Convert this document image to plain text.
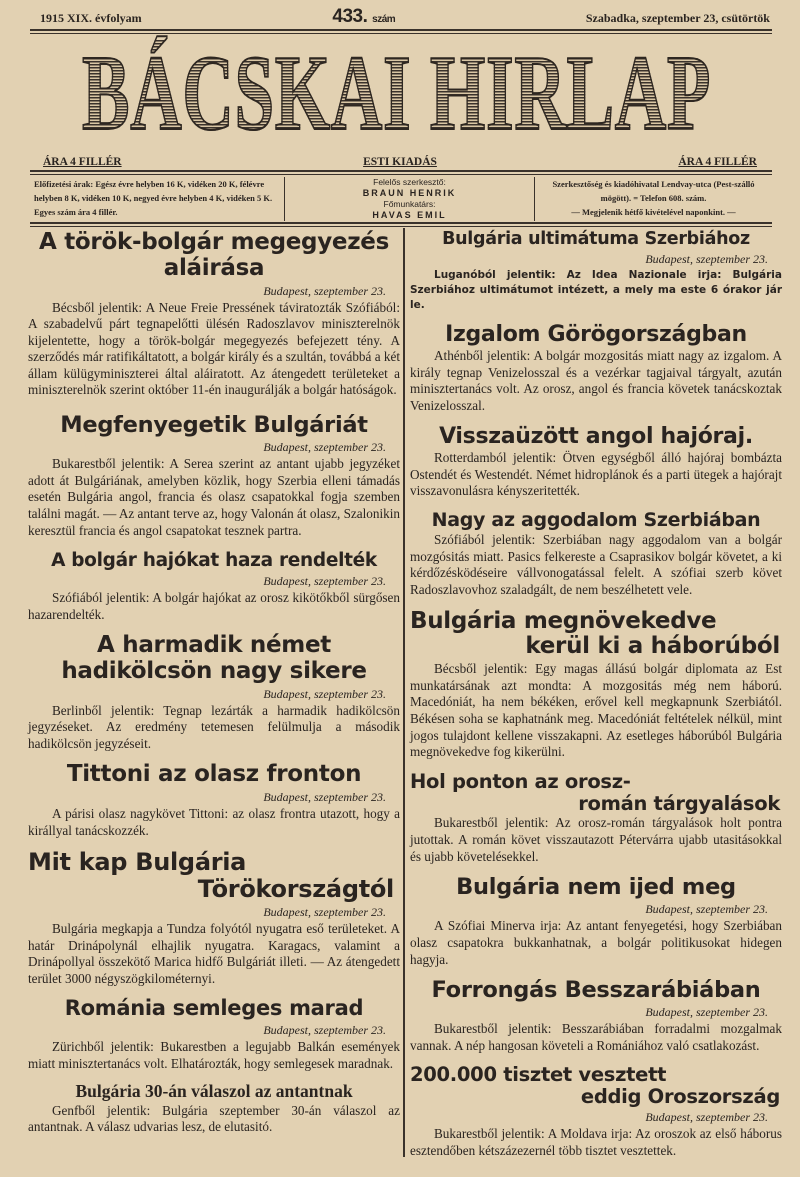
1915 XIX. évfolyam	433. szám	Szabadka, szeptember 23, csütörtök
BÁCSKAI HIRLAP
ÁRA 4 FILLÉR	ESTI KIADÁS	ÁRA 4 FILLÉR
Előfizetési árak: Egész évre helyben 16 K, vidéken 20 K, félévre helyben 8 K, vidéken 10 K, negyed évre helyben 4 K, vidéken 5 K. Egyes szám ára 4 fillér.
Felelős szerkesztő:
BRAUN HENRIK
Főmunkatárs:
HAVAS EMIL
Szerkesztőség és kiadóhivatal Lendvay-utca (Pest-szálló mögött). = Telefon 608. szám.
— Megjelenik hétfő kivételével naponkint. —
A török-bolgár megegyezés
aláirása
Budapest, szeptember 23.
Bécsből jelentik: A Neue Freie Pressének táviratozták Szófiából: A szabadelvű párt tegnapelőtti ülésén Radoszlavov miniszterelnök kijelentette, hogy a török-bolgár megegyezés befejezett tény. A szerződés már ratifikáltatott, a bolgár király és a szultán, továbbá a két állam külügyminiszterei által aláiratott. Az átengedett területeket a miniszterelnök szerint október 11-én inaugurálják a bolgár hatóságok.
Megfenyegetik Bulgáriát
Budapest, szeptember 23.
Bukarestből jelentik: A Serea szerint az antant ujabb jegyzéket adott át Bulgáriának, amelyben közlik, hogy Szerbia elleni támadás esetén Bulgária angol, francia és olasz csapatokkal fogja szemben találni magát. — Az antant terve az, hogy Valonán át olasz, Szalonikin keresztül francia és angol csapatokat tesznek partra.
A bolgár hajókat haza rendelték
Budapest, szeptember 23.
Szófiából jelentik: A bolgár hajókat az orosz kikötőkből sürgősen hazarendelték.
A harmadik német
hadikölcsön nagy sikere
Budapest, szeptember 23.
Berlinből jelentik: Tegnap lezárták a harmadik hadikölcsön jegyzéseket. Az eredmény tetemesen felülmulja a második hadikölcsön jegyzéseit.
Tittoni az olasz fronton
Budapest, szeptember 23.
A párisi olasz nagykövet Tittoni: az olasz frontra utazott, hogy a királlyal tanácskozzék.
Mit kap Bulgária
Törökországtól
Budapest, szeptember 23.
Bulgária megkapja a Tundza folyótól nyugatra eső területeket. A határ Drinápolynál elhajlik nyugatra. Karagacs, valamint a Drinápollyal összekötő Marica hidfő Bulgáriát illeti. — Az átengedett terület 3000 négyszögkilométernyi.
Románia semleges marad
Budapest, szeptember 23.
Zürichből jelentik: Bukarestben a legujabb Balkán események miatt minisztertanács volt. Elhatározták, hogy semlegesek maradnak.
Bulgária 30-án válaszol az antantnak
Genfből jelentik: Bulgária szeptember 30-án válaszol az antantnak. A válasz udvarias lesz, de elutasitó.
Bulgária ultimátuma Szerbiához
Budapest, szeptember 23.
Luganóból jelentik: Az Idea Nazionale irja: Bulgária Szerbiához ultimátumot intézett, a mely ma este 6 órakor jár le.
Izgalom Görögországban
Athénből jelentik: A bolgár mozgositás miatt nagy az izgalom. A király tegnap Venizelosszal és a vezérkar tagjaival tárgyalt, azután minisztertanács volt. Az orosz, angol és francia követek tanácskoztak Venizelosszal.
Visszaüzött angol hajóraj.
Rotterdamból jelentik: Ötven egységből álló hajóraj bombázta Ostendét és Westendét. Német hidroplánok és a parti ütegek a hajórajt visszavonulásra kényszeritették.
Nagy az aggodalom Szerbiában
Szófiából jelentik: Szerbiában nagy aggodalom van a bolgár mozgósitás miatt. Pasics felkereste a Csaprasikov bolgár követet, a ki kérdőzésködéseire vállvonogatással felelt. A szófiai szerb követ Radoszlavovhoz szaladgált, de nem beszélhetett vele.
Bulgária megnövekedve
kerül ki a háborúból
Bécsből jelentik: Egy magas állású bolgár diplomata az Est munkatársának azt mondta: A mozgositás még nem háború. Macedóniát, ha nem békéken, erővel kell megkapnunk Szerbiától. Békésen soha se kaphatnánk meg. Macedóniát feltételek nélkül, mint jogos tulajdont kellene visszakapni. Az esetleges háborúból Bulgária megnövekedve fog kikerülni.
Hol ponton az orosz-
román tárgyalások
Bukarestből jelentik: Az orosz-román tárgyalások holt pontra jutottak. A román követ visszautazott Pétervárra ujabb utasitásokkal és ujabb követelésekkel.
Bulgária nem ijed meg
Budapest, szeptember 23.
A Szófiai Minerva irja: Az antant fenyegetési, hogy Szerbiában olasz csapatokra bukkanhatnak, a bolgár politikusokat hidegen hagyja.
Forrongás Besszarábiában
Budapest, szeptember 23.
Bukarestből jelentik: Besszarábiában forradalmi mozgalmak vannak. A nép hangosan követeli a Romániához való csatlakozást.
200.000 tisztet vesztett
eddig Oroszország
Budapest, szeptember 23.
Bukarestből jelentik: A Moldava irja: Az oroszok az első háborus esztendőben kétszázezernél több tisztet vesztettek.
